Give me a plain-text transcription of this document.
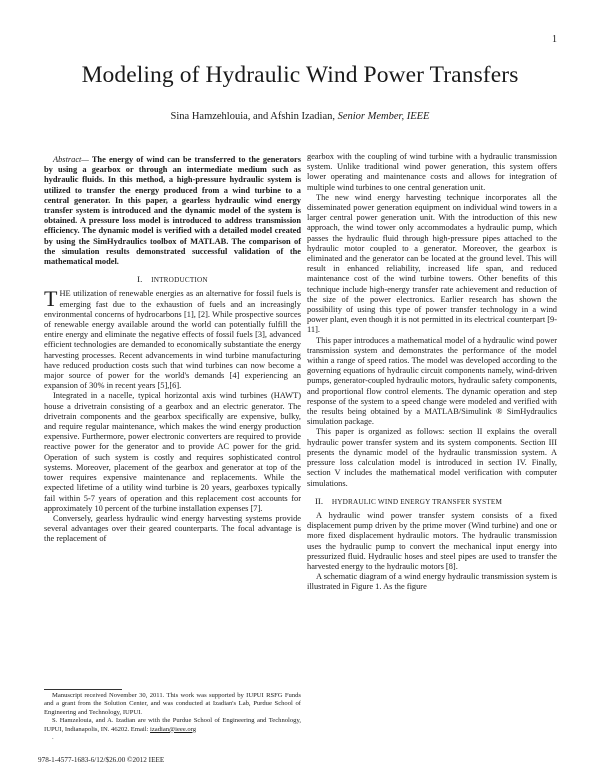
1
Modeling of Hydraulic Wind Power Transfers
Sina Hamzehlouia, and Afshin Izadian, Senior Member, IEEE

Abstract— The energy of wind can be transferred to the generators by using a gearbox or through an intermediate medium such as hydraulic fluids. In this method, a high-pressure hydraulic system is utilized to transfer the energy produced from a wind turbine to a central generator. In this paper, a gearless hydraulic wind energy transfer system is introduced and the dynamic model of the system is obtained. A pressure loss model is introduced to address transmission efficiency. The dynamic model is verified with a detailed model created by using the SimHydraulics toolbox of MATLAB. The comparison of the simulation results demonstrated successful validation of the mathematical model.

I. INTRODUCTION

THE utilization of renewable energies as an alternative for fossil fuels is emerging fast due to the exhaustion of fuels and an increasingly environmental concerns of hydrocarbons [1], [2]. While prospective sources of renewable energy available around the world can potentially fulfill the entire energy and eliminate the negative effects of fossil fuels [3], advanced efficient technologies are demanded to economically substantiate the energy harvesting processes. Recent advancements in wind turbine manufacturing have reduced production costs such that wind turbines can now become a major source of power for the world's demands [4] experiencing an expansion of 30% in recent years [5],[6].

Integrated in a nacelle, typical horizontal axis wind turbines (HAWT) house a drivetrain consisting of a gearbox and an electric generator. The drivetrain components and the gearbox specifically are expensive, bulky, and require regular maintenance, which makes the wind energy production expensive. Furthermore, power electronic converters are required to provide reactive power for the generator and to provide AC power for the grid. Operation of such system is costly and requires sophisticated control systems. Moreover, placement of the gearbox and generator at top of the tower requires expensive maintenance and replacements. While the expected lifetime of a utility wind turbine is 20 years, gearboxes typically fail within 5-7 years of operation and this replacement cost accounts for approximately 10 percent of the turbine installation expenses [7].

Conversely, gearless hydraulic wind energy harvesting systems provide several advantages over their geared counterparts. The focal advantage is the replacement of

Manuscript received November 30, 2011. This work was supported by IUPUI RSFG Funds and a grant from the Solution Center, and was conducted at Izadian's Lab, Purdue School of Engineering and Technology, IUPUI.

S. Hamzelouia, and A. Izadian are with the Purdue School of Engineering and Technology, IUPUI, Indianapolis, IN. 46202. Email: izadian@ieee.org

.

gearbox with the coupling of wind turbine with a hydraulic transmission system. Unlike traditional wind power generation, this system offers lower operating and maintenance costs and allows for integration of multiple wind turbines to one central generation unit.

The new wind energy harvesting technique incorporates all the disseminated power generation equipment on individual wind towers in a larger central power generation unit. With the introduction of this new approach, the wind tower only accommodates a hydraulic pump, which passes the hydraulic fluid through high-pressure pipes attached to the hydraulic motor coupled to a generator. Moreover, the gearbox is eliminated and the generator can be located at the ground level. This will result in enhanced reliability, increased life span, and reduced maintenance cost of the wind turbine towers. Other benefits of this technique include high-energy transfer rate achievement and reduction of the size of the power electronics. Earlier research has shown the possibility of using this type of power transfer technology in a wind power plant, even though it is not permitted in its electrical counterpart [9-11].

This paper introduces a mathematical model of a hydraulic wind power transmission system and demonstrates the performance of the model within a range of speed ratios. The model was developed according to the governing equations of hydraulic circuit components namely, wind-driven pumps, generator-coupled hydraulic motors, hydraulic safety components, and proportional flow control elements. The dynamic operation and step response of the system to a speed change were modeled and verified with the results being obtained by a MATLAB/Simulink ® SimHydraulics simulation package.

This paper is organized as follows: section II explains the overall hydraulic power transfer system and its system components. Section III presents the dynamic model of the hydraulic transmission system. A pressure loss calculation model is introduced in section IV. Finally, section V includes the mathematical model verification with computer simulations.

II. HYDRAULIC WIND ENERGY TRANSFER SYSTEM

A hydraulic wind power transfer system consists of a fixed displacement pump driven by the prime mover (Wind turbine) and one or more fixed displacement hydraulic motors. The hydraulic transmission uses the hydraulic pump to convert the mechanical input energy into pressurized fluid. Hydraulic hoses and steel pipes are used to transfer the harvested energy to the hydraulic motors [8].

A schematic diagram of a wind energy hydraulic transmission system is illustrated in Figure 1. As the figure

978-1-4577-1683-6/12/$26.00 ©2012 IEEE
